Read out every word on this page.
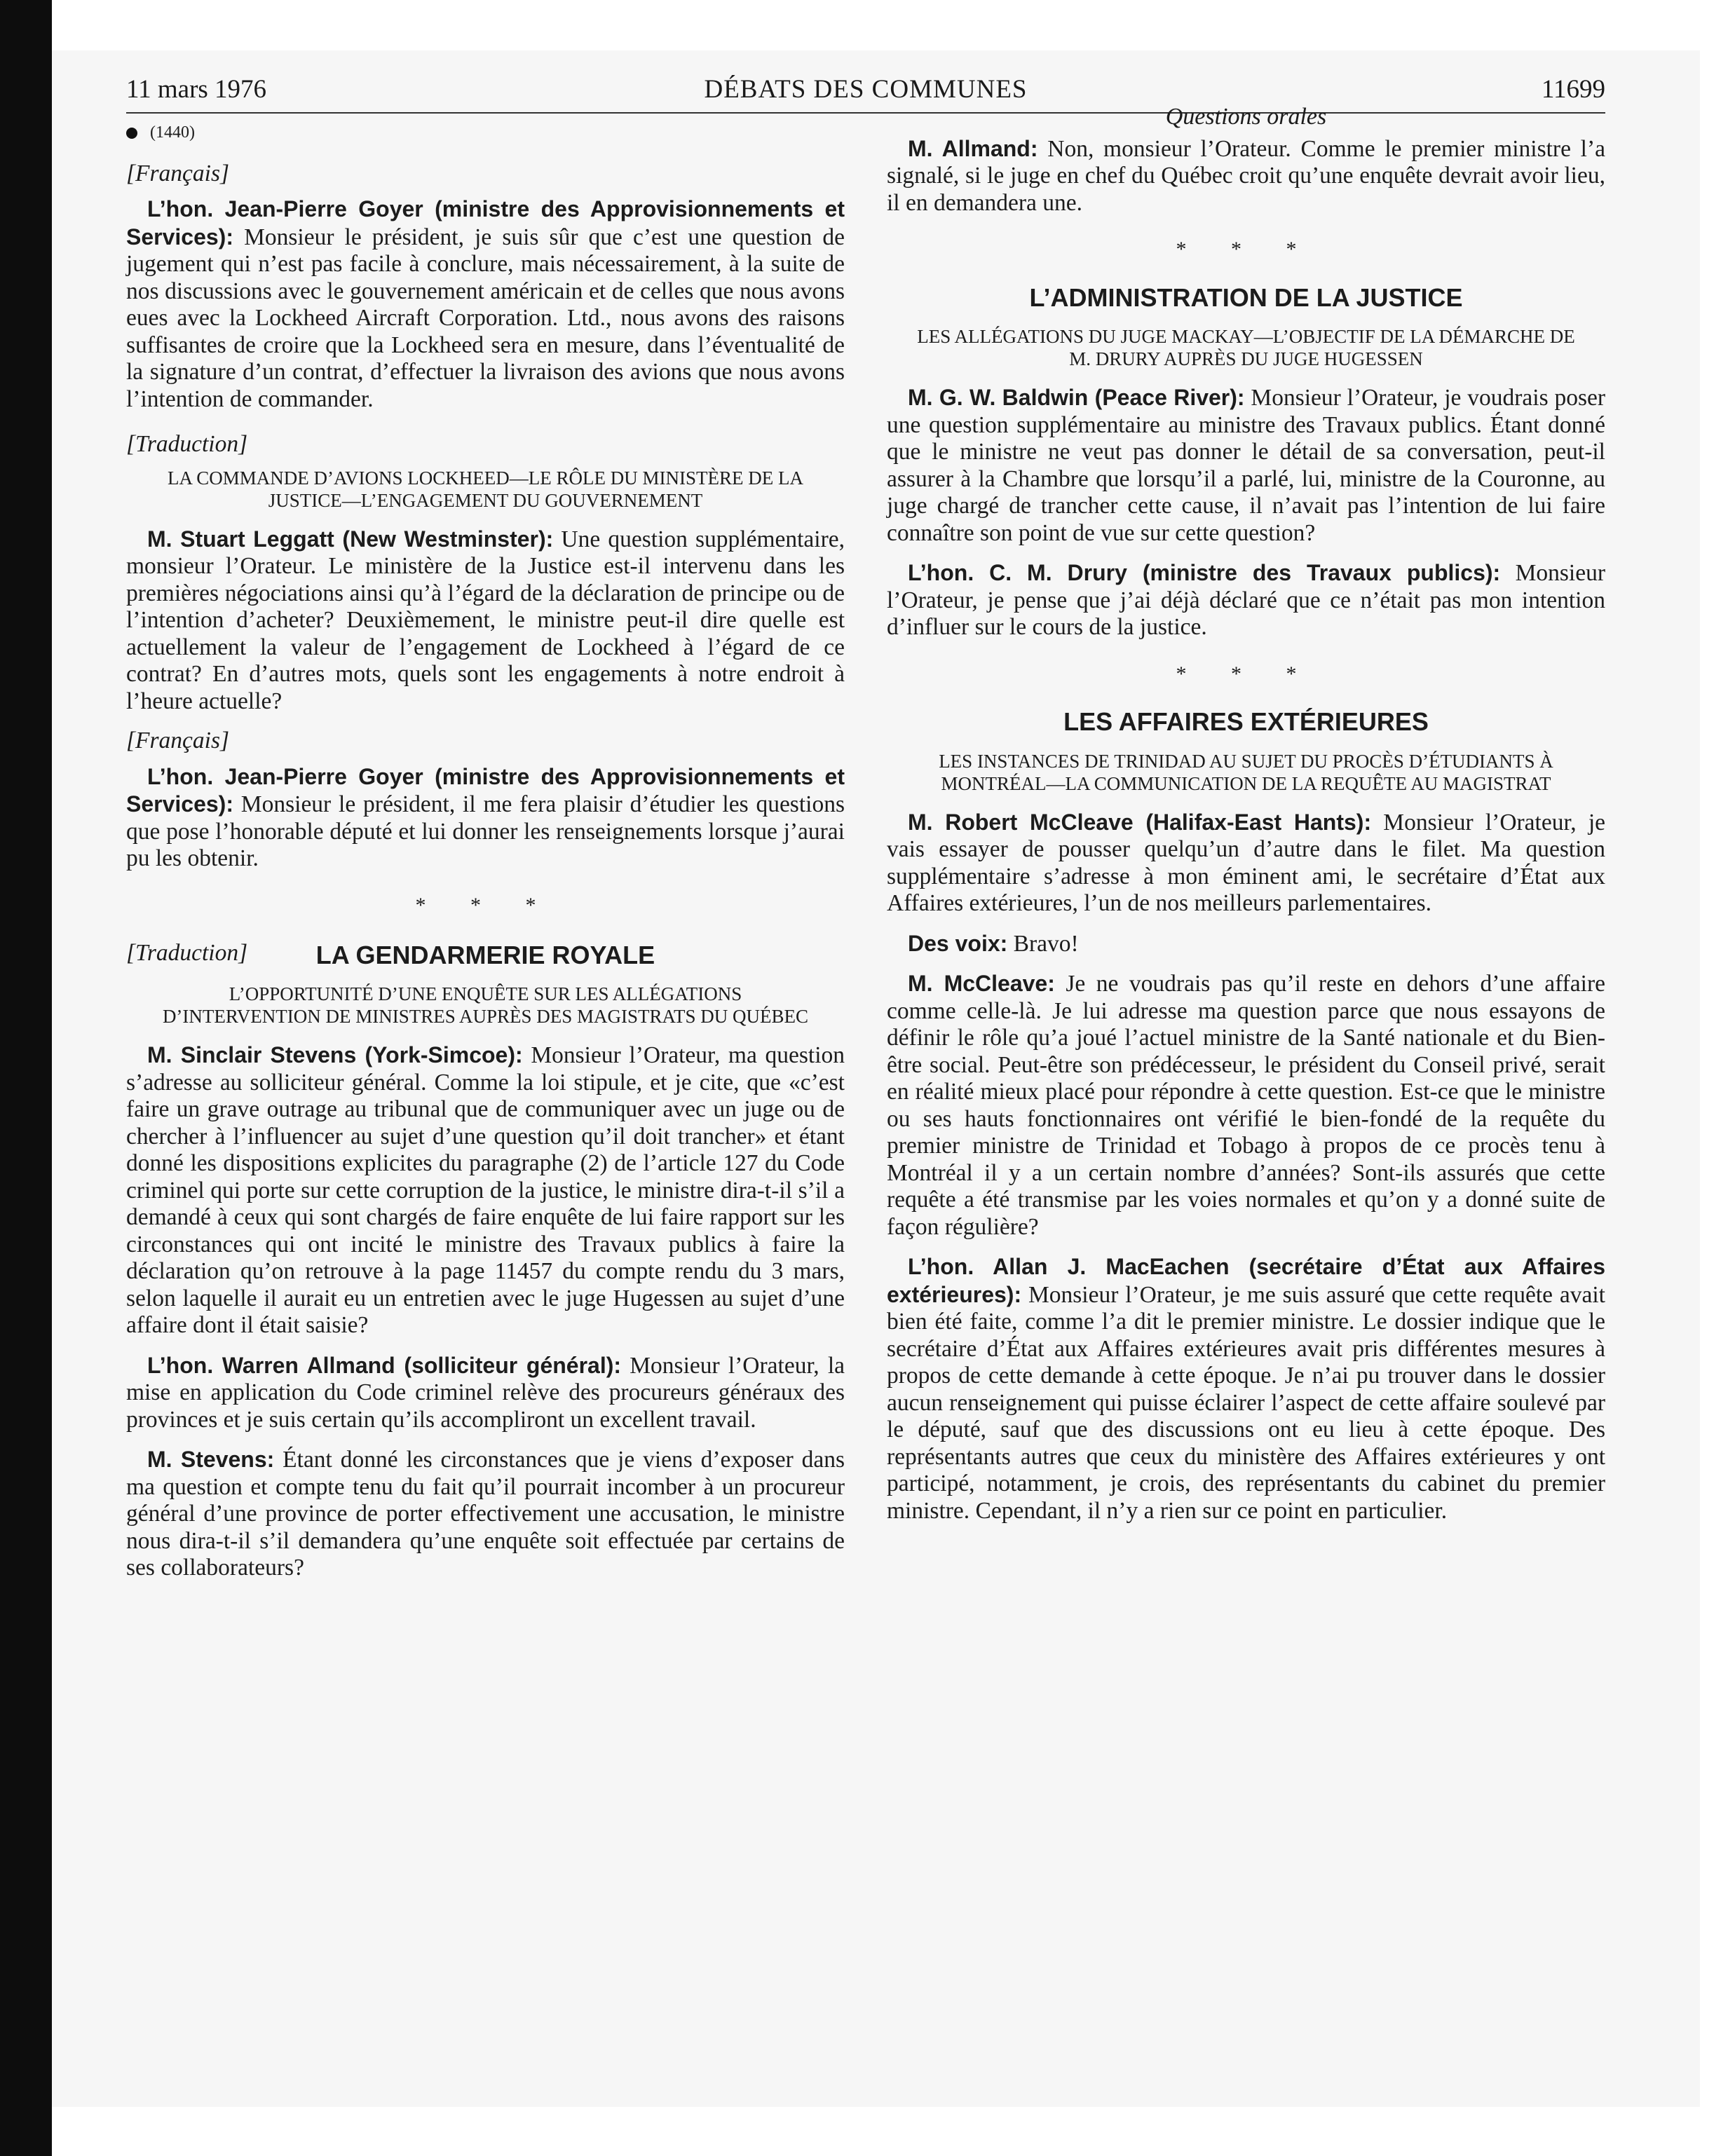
11 mars 1976	DÉBATS DES COMMUNES	11699
(1440)
[Français]

L’hon. Jean-Pierre Goyer (ministre des Approvisionnements et Services): Monsieur le président, je suis sûr que c’est une question de jugement qui n’est pas facile à conclure, mais nécessairement, à la suite de nos discussions avec le gouvernement américain et de celles que nous avons eues avec la Lockheed Aircraft Corporation. Ltd., nous avons des raisons suffisantes de croire que la Lockheed sera en mesure, dans l’éventualité de la signature d’un contrat, d’effectuer la livraison des avions que nous avons l’intention de commander.

[Traduction]
LA COMMANDE D’AVIONS LOCKHEED—LE RÔLE DU MINISTÈRE DE LA JUSTICE—L’ENGAGEMENT DU GOUVERNEMENT

M. Stuart Leggatt (New Westminster): Une question supplémentaire, monsieur l’Orateur. Le ministère de la Justice est-il intervenu dans les premières négociations ainsi qu’à l’égard de la déclaration de principe ou de l’intention d’acheter? Deuxièmement, le ministre peut-il dire quelle est actuellement la valeur de l’engagement de Lockheed à l’égard de ce contrat? En d’autres mots, quels sont les engagements à notre endroit à l’heure actuelle?

[Français]

L’hon. Jean-Pierre Goyer (ministre des Approvisionnements et Services): Monsieur le président, il me fera plaisir d’étudier les questions que pose l’honorable député et lui donner les renseignements lorsque j’aurai pu les obtenir.

* * *
[Traduction]	LA GENDARMERIE ROYALE
L’OPPORTUNITÉ D’UNE ENQUÊTE SUR LES ALLÉGATIONS D’INTERVENTION DE MINISTRES AUPRÈS DES MAGISTRATS DU QUÉBEC

M. Sinclair Stevens (York-Simcoe): Monsieur l’Orateur, ma question s’adresse au solliciteur général. Comme la loi stipule, et je cite, que «c’est faire un grave outrage au tribunal que de communiquer avec un juge ou de chercher à l’influencer au sujet d’une question qu’il doit trancher» et étant donné les dispositions explicites du paragraphe (2) de l’article 127 du Code criminel qui porte sur cette corruption de la justice, le ministre dira-t-il s’il a demandé à ceux qui sont chargés de faire enquête de lui faire rapport sur les circonstances qui ont incité le ministre des Travaux publics à faire la déclaration qu’on retrouve à la page 11457 du compte rendu du 3 mars, selon laquelle il aurait eu un entretien avec le juge Hugessen au sujet d’une affaire dont il était saisie?

L’hon. Warren Allmand (solliciteur général): Monsieur l’Orateur, la mise en application du Code criminel relève des procureurs généraux des provinces et je suis certain qu’ils accompliront un excellent travail.

M. Stevens: Étant donné les circonstances que je viens d’exposer dans ma question et compte tenu du fait qu’il pourrait incomber à un procureur général d’une province de porter effectivement une accusation, le ministre nous dira-t-il s’il demandera qu’une enquête soit effectuée par certains de ses collaborateurs?

Questions orales

M. Allmand: Non, monsieur l’Orateur. Comme le premier ministre l’a signalé, si le juge en chef du Québec croit qu’une enquête devrait avoir lieu, il en demandera une.

* * *
L’ADMINISTRATION DE LA JUSTICE
LES ALLÉGATIONS DU JUGE MACKAY—L’OBJECTIF DE LA DÉMARCHE DE M. DRURY AUPRÈS DU JUGE HUGESSEN

M. G. W. Baldwin (Peace River): Monsieur l’Orateur, je voudrais poser une question supplémentaire au ministre des Travaux publics. Étant donné que le ministre ne veut pas donner le détail de sa conversation, peut-il assurer à la Chambre que lorsqu’il a parlé, lui, ministre de la Couronne, au juge chargé de trancher cette cause, il n’avait pas l’intention de lui faire connaître son point de vue sur cette question?

L’hon. C. M. Drury (ministre des Travaux publics): Monsieur l’Orateur, je pense que j’ai déjà déclaré que ce n’était pas mon intention d’influer sur le cours de la justice.

* * *
LES AFFAIRES EXTÉRIEURES
LES INSTANCES DE TRINIDAD AU SUJET DU PROCÈS D’ÉTUDIANTS À MONTRÉAL—LA COMMUNICATION DE LA REQUÊTE AU MAGISTRAT

M. Robert McCleave (Halifax-East Hants): Monsieur l’Orateur, je vais essayer de pousser quelqu’un d’autre dans le filet. Ma question supplémentaire s’adresse à mon éminent ami, le secrétaire d’État aux Affaires extérieures, l’un de nos meilleurs parlementaires.

Des voix: Bravo!

M. McCleave: Je ne voudrais pas qu’il reste en dehors d’une affaire comme celle-là. Je lui adresse ma question parce que nous essayons de définir le rôle qu’a joué l’actuel ministre de la Santé nationale et du Bien-être social. Peut-être son prédécesseur, le président du Conseil privé, serait en réalité mieux placé pour répondre à cette question. Est-ce que le ministre ou ses hauts fonctionnaires ont vérifié le bien-fondé de la requête du premier ministre de Trinidad et Tobago à propos de ce procès tenu à Montréal il y a un certain nombre d’années? Sont-ils assurés que cette requête a été transmise par les voies normales et qu’on y a donné suite de façon régulière?

L’hon. Allan J. MacEachen (secrétaire d’État aux Affaires extérieures): Monsieur l’Orateur, je me suis assuré que cette requête avait bien été faite, comme l’a dit le premier ministre. Le dossier indique que le secrétaire d’État aux Affaires extérieures avait pris différentes mesures à propos de cette demande à cette époque. Je n’ai pu trouver dans le dossier aucun renseignement qui puisse éclairer l’aspect de cette affaire soulevé par le député, sauf que des discussions ont eu lieu à cette époque. Des représentants autres que ceux du ministère des Affaires extérieures y ont participé, notamment, je crois, des représentants du cabinet du premier ministre. Cependant, il n’y a rien sur ce point en particulier.
